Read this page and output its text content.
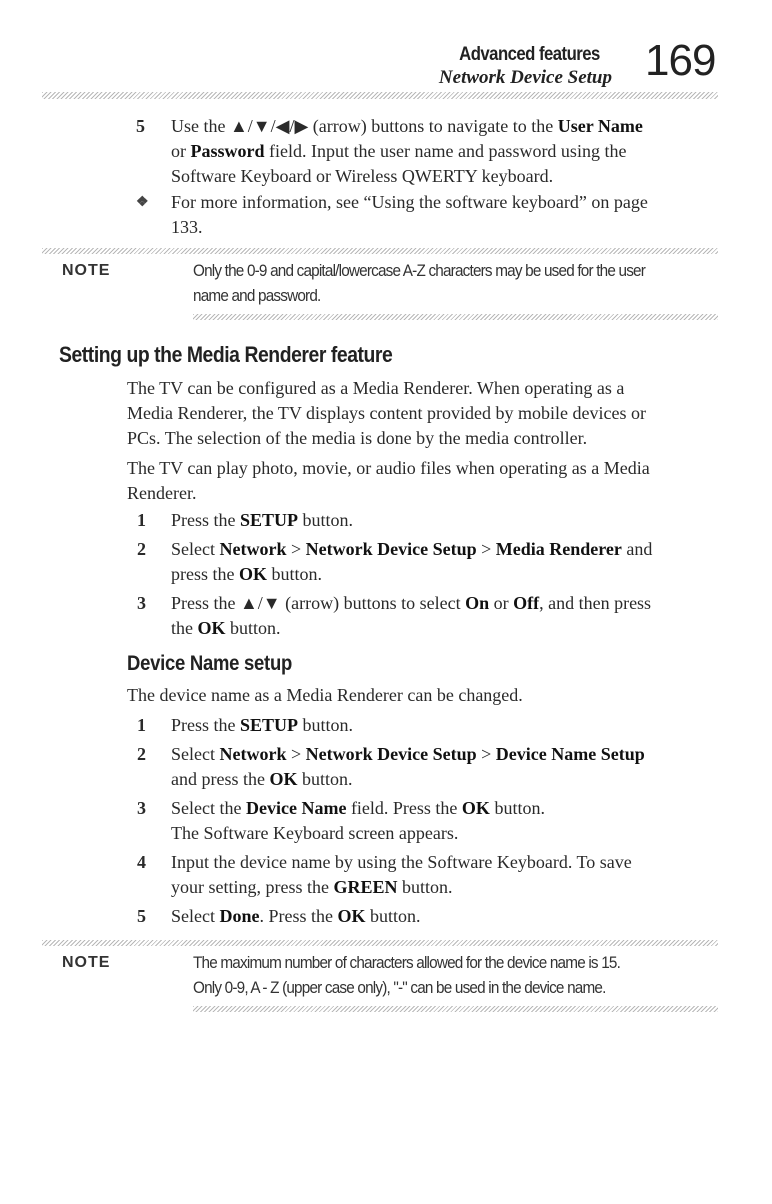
Advanced features
Network Device Setup 169
5 Use the ▲/▼/◀/▶ (arrow) buttons to navigate to the User Name
or Password field. Input the user name and password using the
Software Keyboard or Wireless QWERTY keyboard.
❖ For more information, see “Using the software keyboard” on page
133.
NOTE	Only the 0-9 and capital/lowercase A-Z characters may be used for the user
name and password.
Setting up the Media Renderer feature
The TV can be configured as a Media Renderer. When operating as a
Media Renderer, the TV displays content provided by mobile devices or
PCs. The selection of the media is done by the media controller.
The TV can play photo, movie, or audio files when operating as a Media
Renderer.
1 Press the SETUP button.
2 Select Network > Network Device Setup > Media Renderer and
press the OK button.
3 Press the ▲/▼ (arrow) buttons to select On or Off, and then press
the OK button.
Device Name setup
The device name as a Media Renderer can be changed.
1 Press the SETUP button.
2 Select Network > Network Device Setup > Device Name Setup
and press the OK button.
3 Select the Device Name field. Press the OK button.
The Software Keyboard screen appears.
4 Input the device name by using the Software Keyboard. To save
your setting, press the GREEN button.
5 Select Done. Press the OK button.
NOTE	The maximum number of characters allowed for the device name is 15.
Only 0-9, A - Z (upper case only), "-" can be used in the device name.
